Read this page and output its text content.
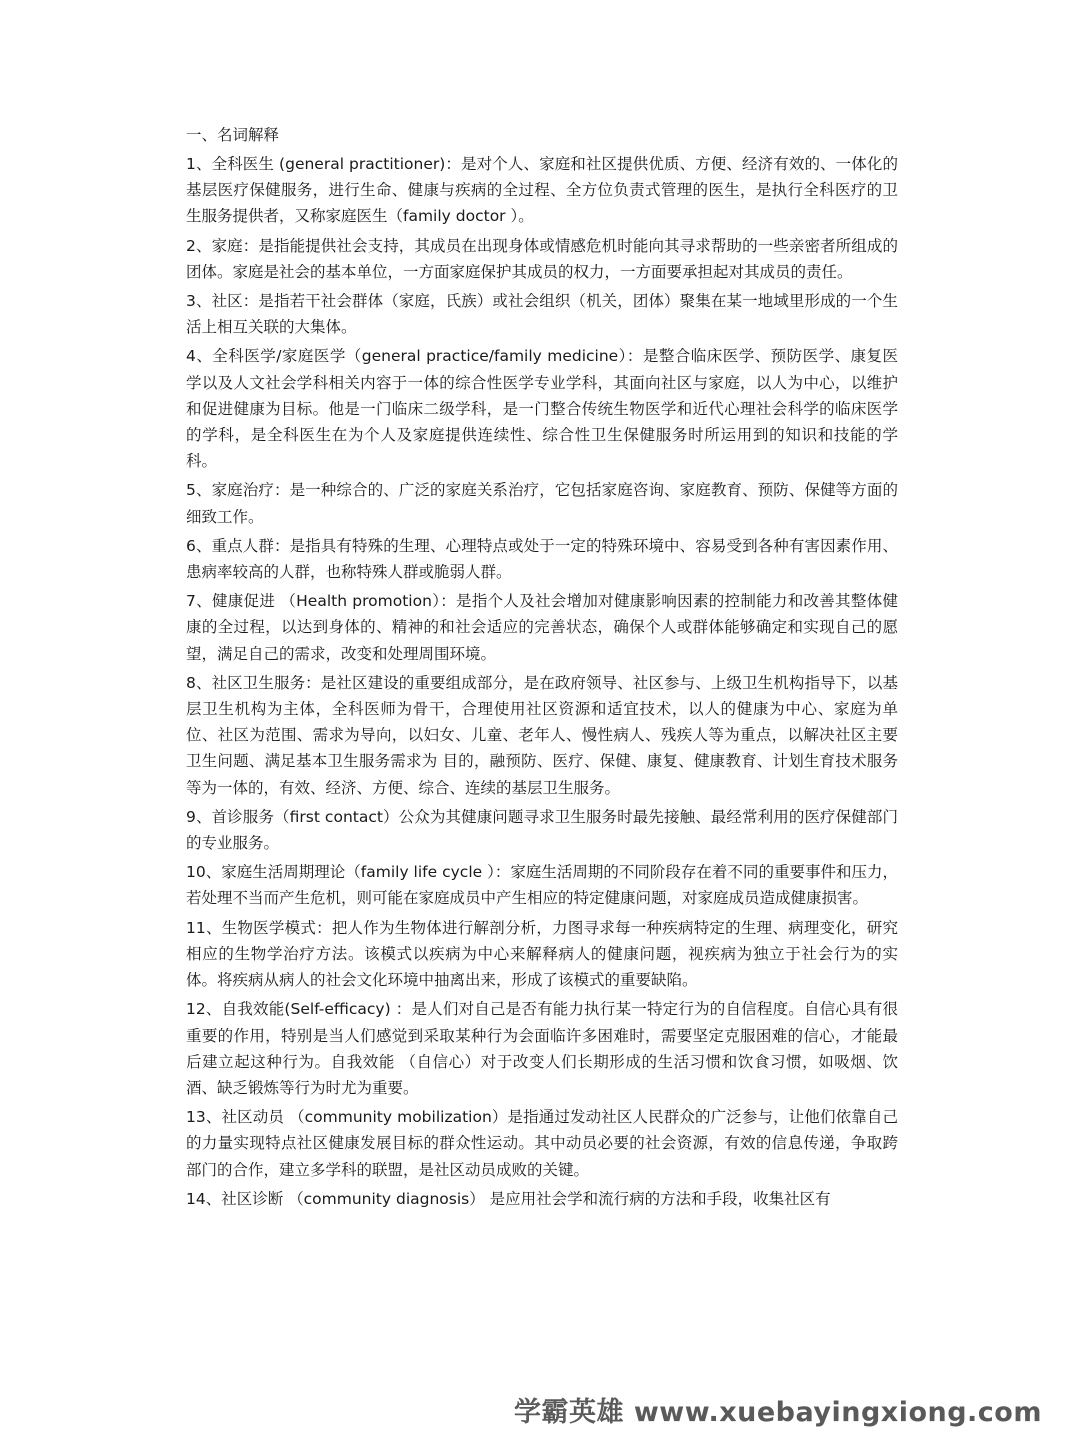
一、名词解释

1、全科医生 (general practitioner)：是对个人、家庭和社区提供优质、方便、经济有效的、一体化的基层医疗保健服务，进行生命、健康与疾病的全过程、全方位负责式管理的医生，是执行全科医疗的卫生服务提供者，又称家庭医生（family doctor ）。

2、家庭：是指能提供社会支持，其成员在出现身体或情感危机时能向其寻求帮助的一些亲密者所组成的团体。家庭是社会的基本单位，一方面家庭保护其成员的权力，一方面要承担起对其成员的责任。

3、社区：是指若干社会群体（家庭，氏族）或社会组织（机关，团体）聚集在某一地域里形成的一个生活上相互关联的大集体。

4、全科医学/家庭医学（general practice/family medicine）：是整合临床医学、预防医学、康复医学以及人文社会学科相关内容于一体的综合性医学专业学科，其面向社区与家庭，以人为中心，以维护和促进健康为目标。他是一门临床二级学科，是一门整合传统生物医学和近代心理社会科学的临床医学的学科，是全科医生在为个人及家庭提供连续性、综合性卫生保健服务时所运用到的知识和技能的学科。

5、家庭治疗：是一种综合的、广泛的家庭关系治疗，它包括家庭咨询、家庭教育、预防、保健等方面的细致工作。

6、重点人群：是指具有特殊的生理、心理特点或处于一定的特殊环境中、容易受到各种有害因素作用、患病率较高的人群，也称特殊人群或脆弱人群。

7、健康促进 （Health promotion）：是指个人及社会增加对健康影响因素的控制能力和改善其整体健康的全过程，以达到身体的、精神的和社会适应的完善状态，确保个人或群体能够确定和实现自己的愿望，满足自己的需求，改变和处理周围环境。

8、社区卫生服务：是社区建设的重要组成部分，是在政府领导、社区参与、上级卫生机构指导下，以基层卫生机构为主体，全科医师为骨干，合理使用社区资源和适宜技术，以人的健康为中心、家庭为单位、社区为范围、需求为导向，以妇女、儿童、老年人、慢性病人、残疾人等为重点，以解决社区主要卫生问题、满足基本卫生服务需求为 目的，融预防、医疗、保健、康复、健康教育、计划生育技术服务等为一体的，有效、经济、方便、综合、连续的基层卫生服务。

9、首诊服务（first contact）公众为其健康问题寻求卫生服务时最先接触、最经常利用的医疗保健部门的专业服务。

10、家庭生活周期理论（family life cycle ）：家庭生活周期的不同阶段存在着不同的重要事件和压力，若处理不当而产生危机，则可能在家庭成员中产生相应的特定健康问题，对家庭成员造成健康损害。

11、生物医学模式：把人作为生物体进行解剖分析，力图寻求每一种疾病特定的生理、病理变化，研究相应的生物学治疗方法。该模式以疾病为中心来解释病人的健康问题，视疾病为独立于社会行为的实体。将疾病从病人的社会文化环境中抽离出来，形成了该模式的重要缺陷。

12、自我效能(Self-efficacy) ：是人们对自己是否有能力执行某一特定行为的自信程度。自信心具有很重要的作用，特别是当人们感觉到采取某种行为会面临许多困难时，需要坚定克服困难的信心，才能最后建立起这种行为。自我效能 （自信心）对于改变人们长期形成的生活习惯和饮食习惯，如吸烟、饮酒、缺乏锻炼等行为时尤为重要。

13、社区动员 （community mobilization）是指通过发动社区人民群众的广泛参与，让他们依靠自己的力量实现特点社区健康发展目标的群众性运动。其中动员必要的社会资源，有效的信息传递，争取跨部门的合作，建立多学科的联盟，是社区动员成败的关键。

14、社区诊断 （community diagnosis） 是应用社会学和流行病的方法和手段，收集社区有

学霸英雄 www.xuebayingxiong.com
